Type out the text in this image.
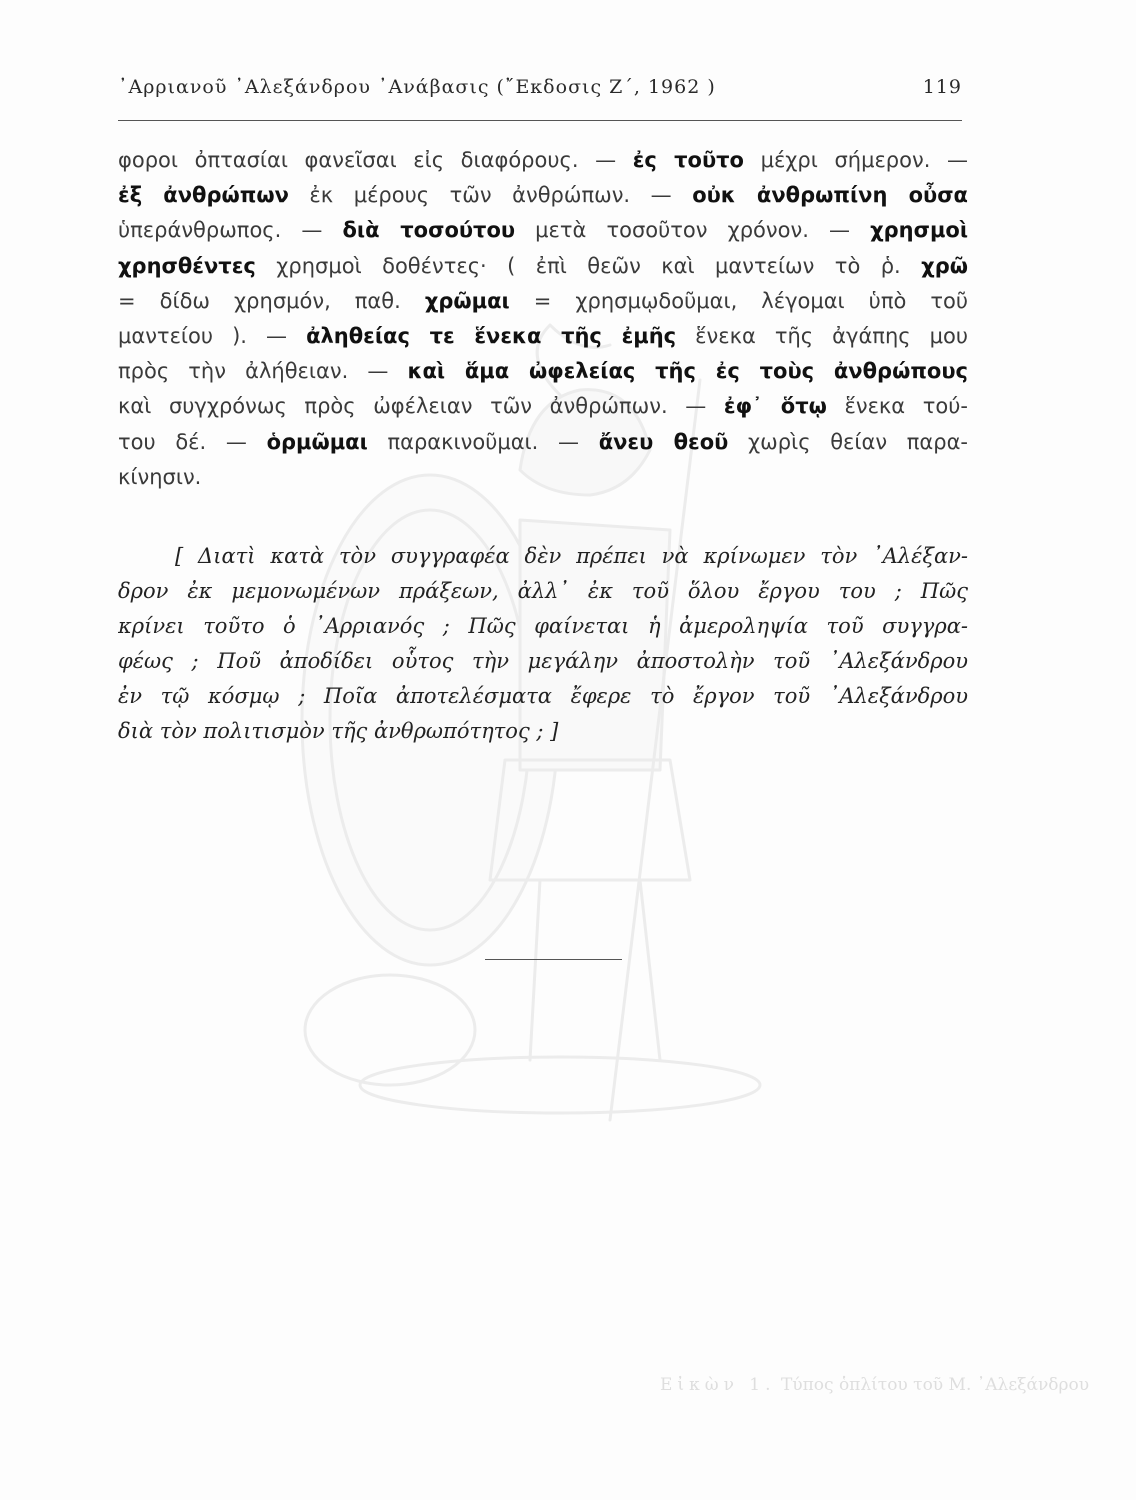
᾿Αρριανοῦ ᾿Αλεξάνδρου ᾿Ανάβασις (῎Εκδοσις Ζ΄, 1962 )	119
φοροι ὀπτασίαι φανεῖσαι εἰς διαφόρους. — ἐς τοῦτο μέχρι σήμερον. —
ἐξ ἀνθρώπων ἐκ μέρους τῶν ἀνθρώπων. — οὐκ ἀνθρωπίνη οὖσα
ὑπεράνθρωπος. — διὰ τοσούτου μετὰ τοσοῦτον χρόνον. — χρησμοὶ
χρησθέντες χρησμοὶ δοθέντες· ( ἐπὶ θεῶν καὶ μαντείων τὸ ῥ. χρῶ
= δίδω χρησμόν, παθ. χρῶμαι = χρησμῳδοῦμαι, λέγομαι ὑπὸ τοῦ
μαντείου ). — ἀληθείας τε ἕνεκα τῆς ἐμῆς ἕνεκα τῆς ἀγάπης μου
πρὸς τὴν ἀλήθειαν. — καὶ ἅμα ὠφελείας τῆς ἐς τοὺς ἀνθρώπους
καὶ συγχρόνως πρὸς ὠφέλειαν τῶν ἀνθρώπων. — ἐφ᾽ ὅτῳ ἕνεκα τού-
του δέ. — ὁρμῶμαι παρακινοῦμαι. — ἄνευ θεοῦ χωρὶς θείαν παρα-
κίνησιν.
[ Διατὶ κατὰ τὸν συγγραφέα δὲν πρέπει νὰ κρίνωμεν τὸν ᾿Αλέξαν-
δρον ἐκ μεμονωμένων πράξεων, ἀλλ᾽ ἐκ τοῦ ὅλου ἔργου του ; Πῶς
κρίνει τοῦτο ὁ ᾿Αρριανός ; Πῶς φαίνεται ἡ ἀμεροληψία τοῦ συγγρα-
φέως ; Ποῦ ἀποδίδει οὗτος τὴν μεγάλην ἀποστολὴν τοῦ ᾿Αλεξάνδρου
ἐν τῷ κόσμῳ ; Ποῖα ἀποτελέσματα ἔφερε τὸ ἔργον τοῦ ᾿Αλεξάνδρου
διὰ τὸν πολιτισμὸν τῆς ἀνθρωπότητος ; ]
Εἰκὼν 1. Τύπος ὁπλίτου τοῦ Μ. ᾿Αλεξάνδρου
